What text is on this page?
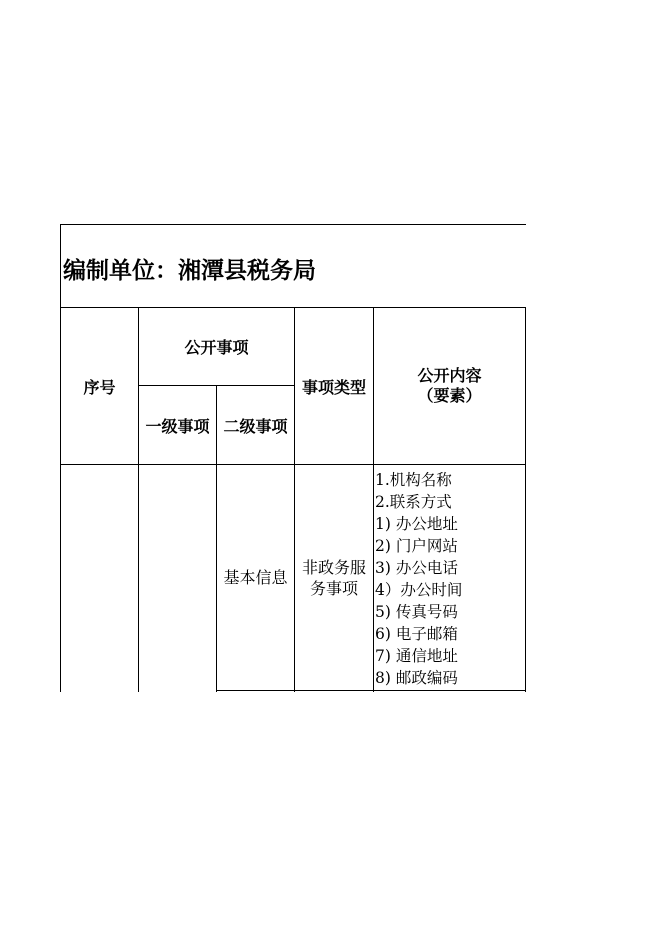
编制单位：湘潭县税务局
序号
公开事项
一级事项 二级事项
事项类型
公开内容
（要素）
基本信息
非政务服
务事项
1.机构名称
2.联系方式
1) 办公地址
2) 门户网站
3) 办公电话
4）办公时间
5) 传真号码
6) 电子邮箱
7) 通信地址
8) 邮政编码
